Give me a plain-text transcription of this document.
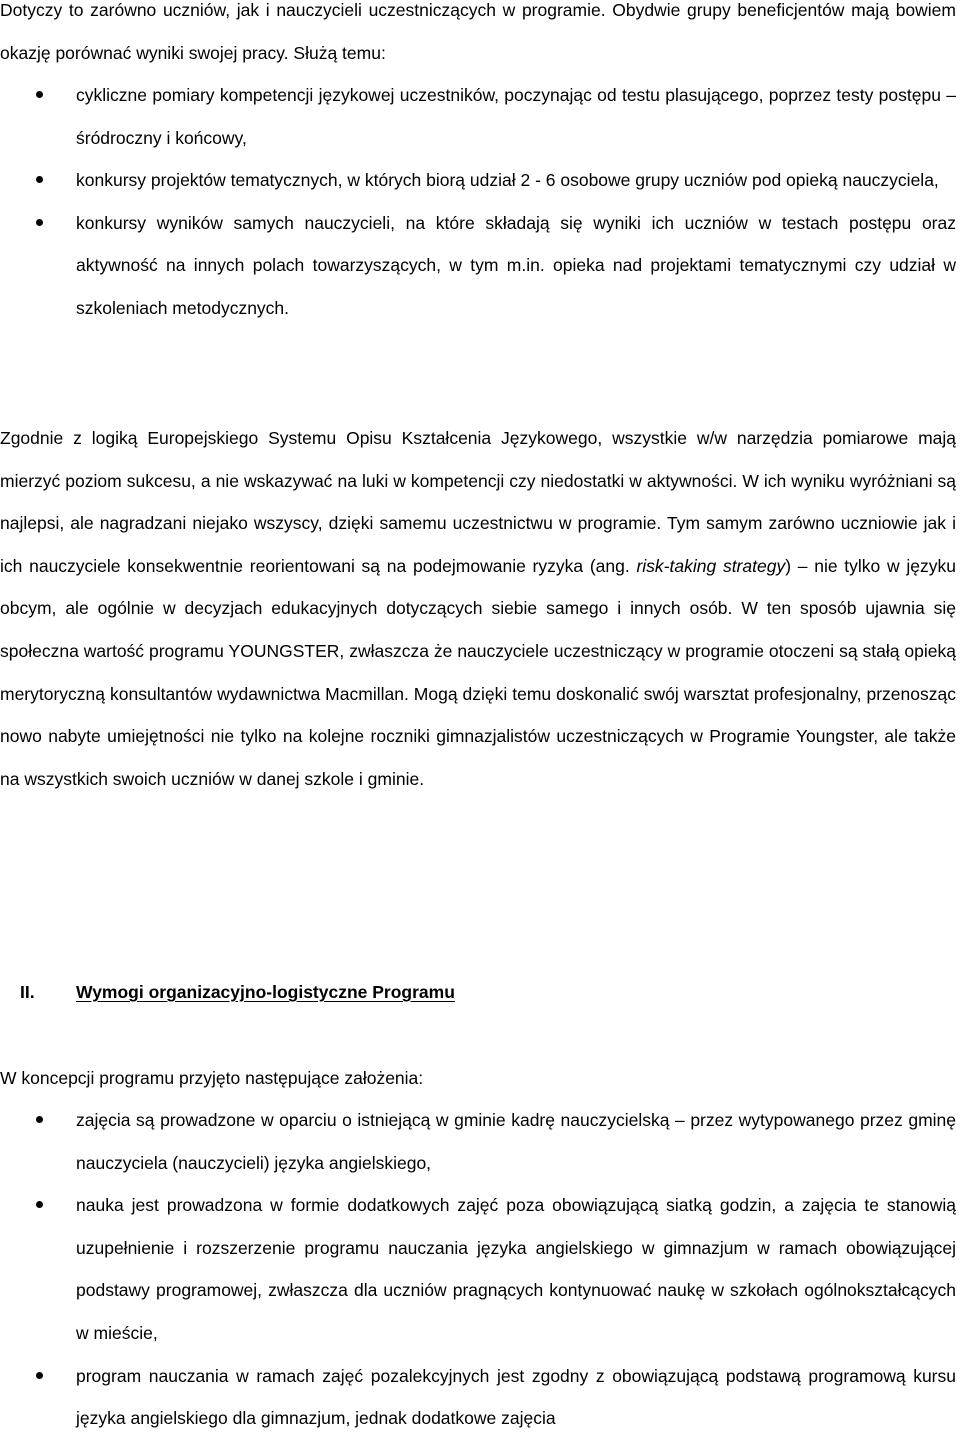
Dotyczy to zarówno uczniów, jak i nauczycieli uczestniczących w programie. Obydwie grupy beneficjentów mają bowiem okazję porównać wyniki swojej pracy. Służą temu:

cykliczne pomiary kompetencji językowej uczestników, poczynając od testu plasującego, poprzez testy postępu – śródroczny i końcowy,
konkursy projektów tematycznych, w których biorą udział 2 - 6 osobowe grupy uczniów pod opieką nauczyciela,
konkursy wyników samych nauczycieli, na które składają się wyniki ich uczniów w testach postępu oraz aktywność na innych polach towarzyszących, w tym m.in. opieka nad projektami tematycznymi czy udział w szkoleniach metodycznych.

Zgodnie z logiką Europejskiego Systemu Opisu Kształcenia Językowego, wszystkie w/w narzędzia pomiarowe mają mierzyć poziom sukcesu, a nie wskazywać na luki w kompetencji czy niedostatki w aktywności. W ich wyniku wyróżniani są najlepsi, ale nagradzani niejako wszyscy, dzięki samemu uczestnictwu w programie. Tym samym zarówno uczniowie jak i ich nauczyciele konsekwentnie reorientowani są na podejmowanie ryzyka (ang. risk-taking strategy) – nie tylko w języku obcym, ale ogólnie w decyzjach edukacyjnych dotyczących siebie samego i innych osób. W ten sposób ujawnia się społeczna wartość programu YOUNGSTER, zwłaszcza że nauczyciele uczestniczący w programie otoczeni są stałą opieką merytoryczną konsultantów wydawnictwa Macmillan. Mogą dzięki temu doskonalić swój warsztat profesjonalny, przenosząc nowo nabyte umiejętności nie tylko na kolejne roczniki gimnazjalistów uczestniczących w Programie Youngster, ale także na wszystkich swoich uczniów w danej szkole i gminie.

II. Wymogi organizacyjno-logistyczne Programu

W koncepcji programu przyjęto następujące założenia:

zajęcia są prowadzone w oparciu o istniejącą w gminie kadrę nauczycielską – przez wytypowanego przez gminę nauczyciela (nauczycieli) języka angielskiego,
nauka jest prowadzona w formie dodatkowych zajęć poza obowiązującą siatką godzin, a zajęcia te stanowią uzupełnienie i rozszerzenie programu nauczania języka angielskiego w gimnazjum w ramach obowiązującej podstawy programowej, zwłaszcza dla uczniów pragnących kontynuować naukę w szkołach ogólnokształcących w mieście,
program nauczania w ramach zajęć pozalekcyjnych jest zgodny z obowiązującą podstawą programową kursu języka angielskiego dla gimnazjum, jednak dodatkowe zajęcia
